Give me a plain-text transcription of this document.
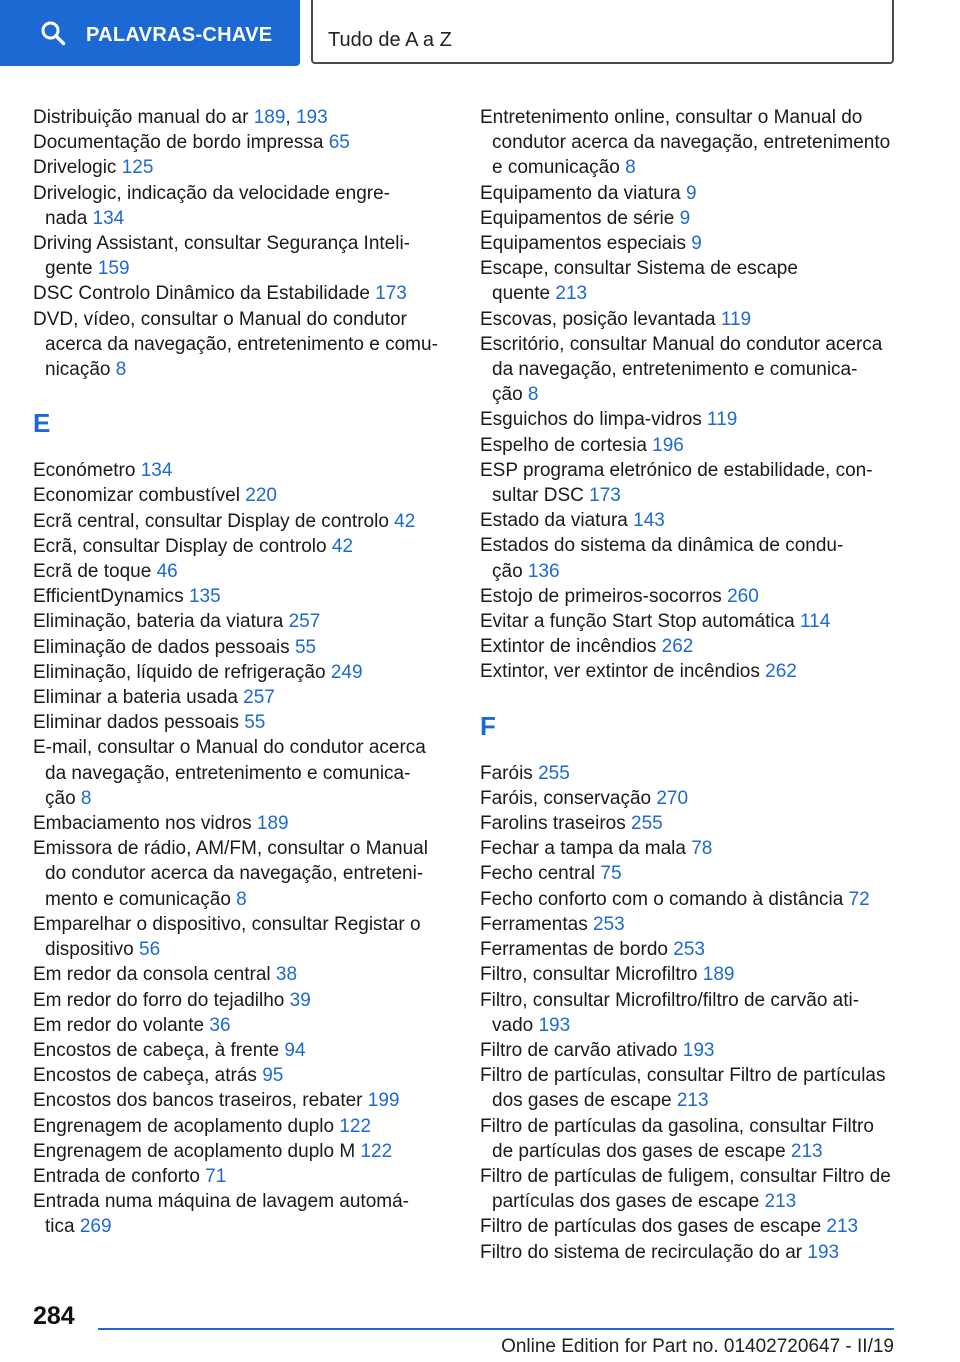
PALAVRAS-CHAVE	Tudo de A a Z
Distribuição manual do ar 189, 193
Documentação de bordo impressa 65
Drivelogic 125
Drivelogic, indicação da velocidade engre-
nada 134
Driving Assistant, consultar Segurança Inteli-
gente 159
DSC Controlo Dinâmico da Estabilidade 173
DVD, vídeo, consultar o Manual do condutor
acerca da navegação, entretenimento e comu-
nicação 8
E
Económetro 134
Economizar combustível 220
Ecrã central, consultar Display de controlo 42
Ecrã, consultar Display de controlo 42
Ecrã de toque 46
EfficientDynamics 135
Eliminação, bateria da viatura 257
Eliminação de dados pessoais 55
Eliminação, líquido de refrigeração 249
Eliminar a bateria usada 257
Eliminar dados pessoais 55
E-mail, consultar o Manual do condutor acerca
da navegação, entretenimento e comunica-
ção 8
Embaciamento nos vidros 189
Emissora de rádio, AM/FM, consultar o Manual
do condutor acerca da navegação, entreteni-
mento e comunicação 8
Emparelhar o dispositivo, consultar Registar o
dispositivo 56
Em redor da consola central 38
Em redor do forro do tejadilho 39
Em redor do volante 36
Encostos de cabeça, à frente 94
Encostos de cabeça, atrás 95
Encostos dos bancos traseiros, rebater 199
Engrenagem de acoplamento duplo 122
Engrenagem de acoplamento duplo M 122
Entrada de conforto 71
Entrada numa máquina de lavagem automá-
tica 269
Entretenimento online, consultar o Manual do
condutor acerca da navegação, entretenimento
e comunicação 8
Equipamento da viatura 9
Equipamentos de série 9
Equipamentos especiais 9
Escape, consultar Sistema de escape
quente 213
Escovas, posição levantada 119
Escritório, consultar Manual do condutor acerca
da navegação, entretenimento e comunica-
ção 8
Esguichos do limpa-vidros 119
Espelho de cortesia 196
ESP programa eletrónico de estabilidade, con-
sultar DSC 173
Estado da viatura 143
Estados do sistema da dinâmica de condu-
ção 136
Estojo de primeiros-socorros 260
Evitar a função Start Stop automática 114
Extintor de incêndios 262
Extintor, ver extintor de incêndios 262
F
Faróis 255
Faróis, conservação 270
Farolins traseiros 255
Fechar a tampa da mala 78
Fecho central 75
Fecho conforto com o comando à distância 72
Ferramentas 253
Ferramentas de bordo 253
Filtro, consultar Microfiltro 189
Filtro, consultar Microfiltro/filtro de carvão ati-
vado 193
Filtro de carvão ativado 193
Filtro de partículas, consultar Filtro de partículas
dos gases de escape 213
Filtro de partículas da gasolina, consultar Filtro
de partículas dos gases de escape 213
Filtro de partículas de fuligem, consultar Filtro de
partículas dos gases de escape 213
Filtro de partículas dos gases de escape 213
Filtro do sistema de recirculação do ar 193
284
Online Edition for Part no. 01402720647 - II/19
